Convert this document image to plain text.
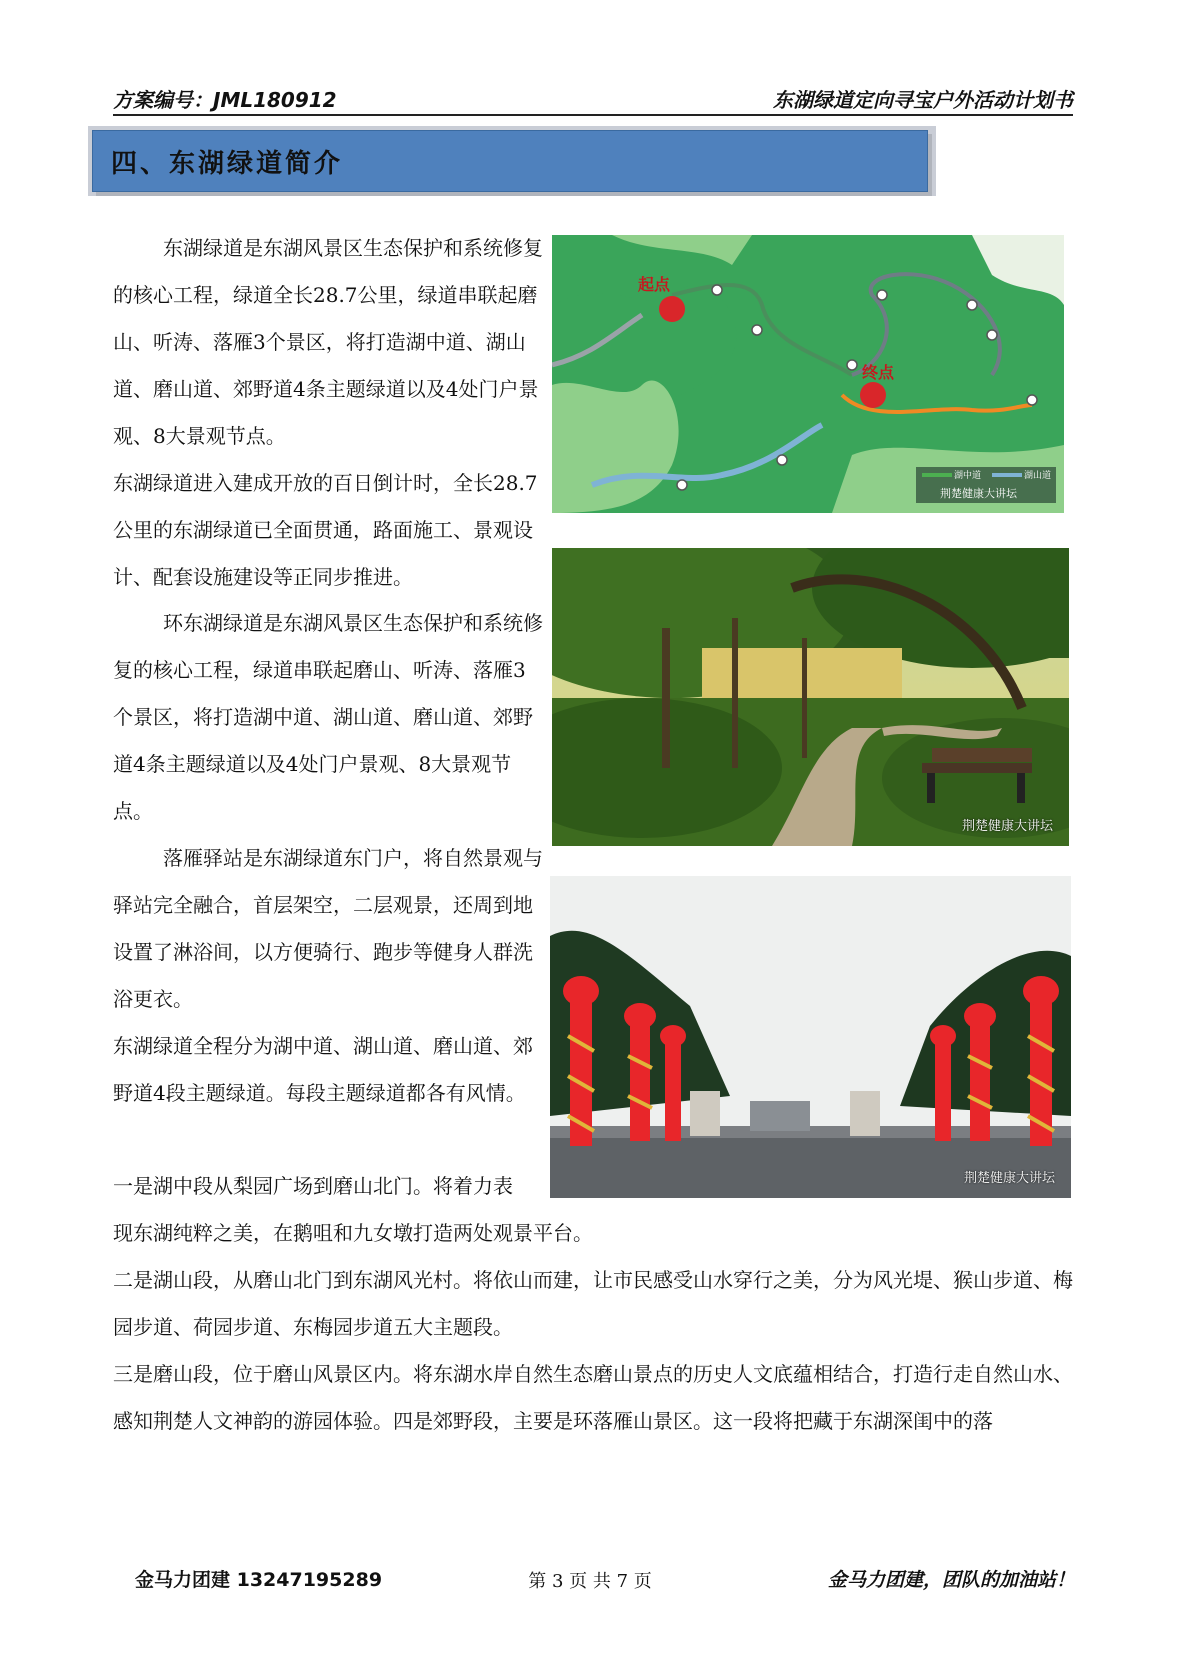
方案编号：JML180912	东湖绿道定向寻宝户外活动计划书
四、东湖绿道简介

东湖绿道是东湖风景区生态保护和系统修复的核心工程，绿道全长28.7公里，绿道串联起磨山、听涛、落雁3个景区，将打造湖中道、湖山道、磨山道、郊野道4条主题绿道以及4处门户景观、8大景观节点。

东湖绿道进入建成开放的百日倒计时，全长28.7公里的东湖绿道已全面贯通，路面施工、景观设计、配套设施建设等正同步推进。

环东湖绿道是东湖风景区生态保护和系统修复的核心工程，绿道串联起磨山、听涛、落雁3个景区，将打造湖中道、湖山道、磨山道、郊野道4条主题绿道以及4处门户景观、8大景观节点。

落雁驿站是东湖绿道东门户，将自然景观与驿站完全融合，首层架空，二层观景，还周到地设置了淋浴间，以方便骑行、跑步等健身人群洗浴更衣。

东湖绿道全程分为湖中道、湖山道、磨山道、郊野道4段主题绿道。每段主题绿道都各有风情。

一是湖中段从梨园广场到磨山北门。将着力表

现东湖纯粹之美，在鹅咀和九女墩打造两处观景平台。

二是湖山段，从磨山北门到东湖风光村。将依山而建，让市民感受山水穿行之美，分为风光堤、猴山步道、梅园步道、荷园步道、东梅园步道五大主题段。

三是磨山段，位于磨山风景区内。将东湖水岸自然生态磨山景点的历史人文底蕴相结合，打造行走自然山水、感知荆楚人文神韵的游园体验。四是郊野段，主要是环落雁山景区。这一段将把藏于东湖深闺中的落

起点
终点
湖中道	湖山道
荆楚健康大讲坛
荆楚健康大讲坛
荆楚健康大讲坛
金马力团建 13247195289	第 3 页 共 7 页	金马力团建，团队的加油站！
